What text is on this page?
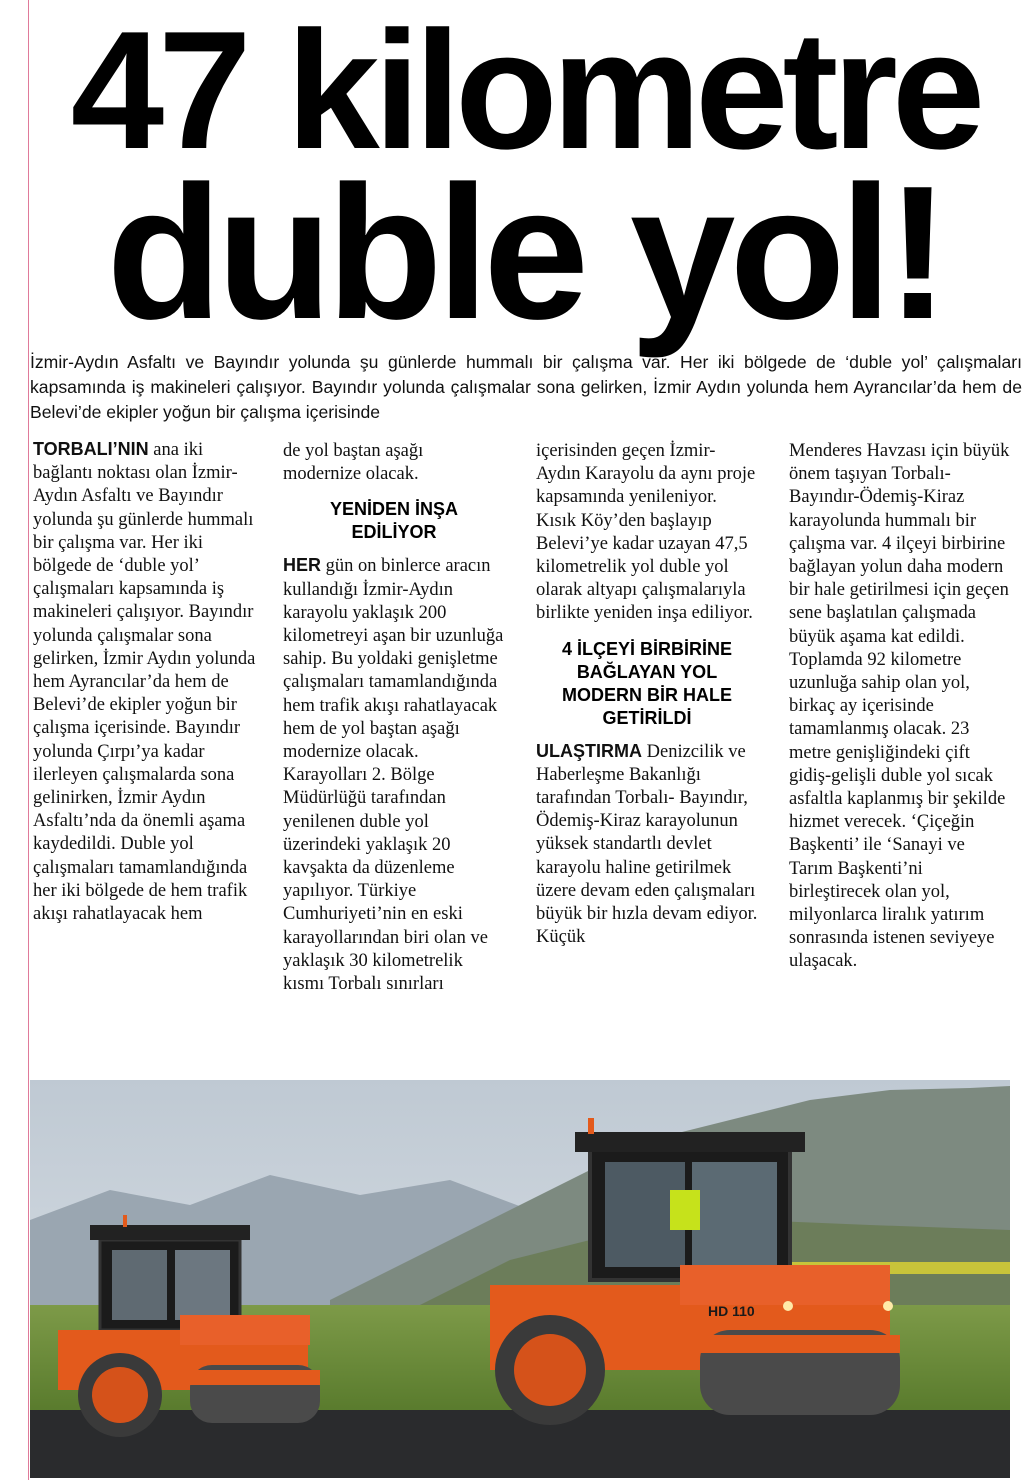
47 kilometre
duble yol!

İzmir-Aydın Asfaltı ve Bayındır yolunda şu günlerde hummalı bir çalışma var. Her iki bölgede de ‘duble yol’ çalışmaları kapsamında iş makineleri çalışıyor. Bayındır yolunda çalışmalar sona gelirken, İzmir Aydın yolunda hem Ayrancılar’da hem de Belevi’de ekipler yoğun bir çalışma içerisinde

TORBALI’NIN ana iki bağlantı noktası olan İzmir-Aydın Asfaltı ve Bayındır yolunda şu günlerde hummalı bir çalışma var. Her iki bölgede de ‘duble yol’ çalışmaları kapsamında iş makineleri çalışıyor. Bayındır yolunda çalışmalar sona gelirken, İzmir Aydın yolunda hem Ayrancılar’da hem de Belevi’de ekipler yoğun bir çalışma içerisinde. Bayındır yolunda Çırpı’ya kadar ilerleyen çalışmalarda sona gelinirken, İzmir Aydın Asfaltı’nda da önemli aşama kaydedildi. Duble yol çalışmaları tamamlandığında her iki bölgede de hem trafik akışı rahatlayacak hem

de yol baştan aşağı modernize olacak.

YENİDEN İNŞA EDİLİYOR

HER gün on binlerce aracın kullandığı İzmir-Aydın karayolu yaklaşık 200 kilometreyi aşan bir uzunluğa sahip. Bu yoldaki genişletme çalışmaları tamamlandığında hem trafik akışı rahatlayacak hem de yol baştan aşağı modernize olacak. Karayolları 2. Bölge Müdürlüğü tarafından yenilenen duble yol üzerindeki yaklaşık 20 kavşakta da düzenleme yapılıyor. Türkiye Cumhuriyeti’nin en eski karayollarından biri olan ve yaklaşık 30 kilometrelik kısmı Torbalı sınırları

içerisinden geçen İzmir-Aydın Karayolu da aynı proje kapsamında yenileniyor. Kısık Köy’den başlayıp Belevi’ye kadar uzayan 47,5 kilometrelik yol duble yol olarak altyapı çalışmalarıyla birlikte yeniden inşa ediliyor.

4 İLÇEYİ BİRBİRİNE BAĞLAYAN YOL MODERN BİR HALE GETİRİLDİ

ULAŞTIRMA Denizcilik ve Haberleşme Bakanlığı tarafından Torbalı- Bayındır, Ödemiş-Kiraz karayolunun yüksek standartlı devlet karayolu haline getirilmek üzere devam eden çalışmaları büyük bir hızla devam ediyor. Küçük

Menderes Havzası için büyük önem taşıyan Torbalı-Bayındır-Ödemiş-Kiraz karayolunda hummalı bir çalışma var. 4 ilçeyi birbirine bağlayan yolun daha modern bir hale getirilmesi için geçen sene başlatılan çalışmada büyük aşama kat edildi. Toplamda 92 kilometre uzunluğa sahip olan yol, birkaç ay içerisinde tamamlanmış olacak. 23 metre genişliğindeki çift gidiş-gelişli duble yol sıcak asfaltla kaplanmış bir şekilde hizmet verecek. ‘Çiçeğin Başkenti’ ile ‘Sanayi ve Tarım Başkenti’ni birleştirecek olan yol, milyonlarca liralık yatırım sonrasında istenen seviyeye ulaşacak.

HD 110
